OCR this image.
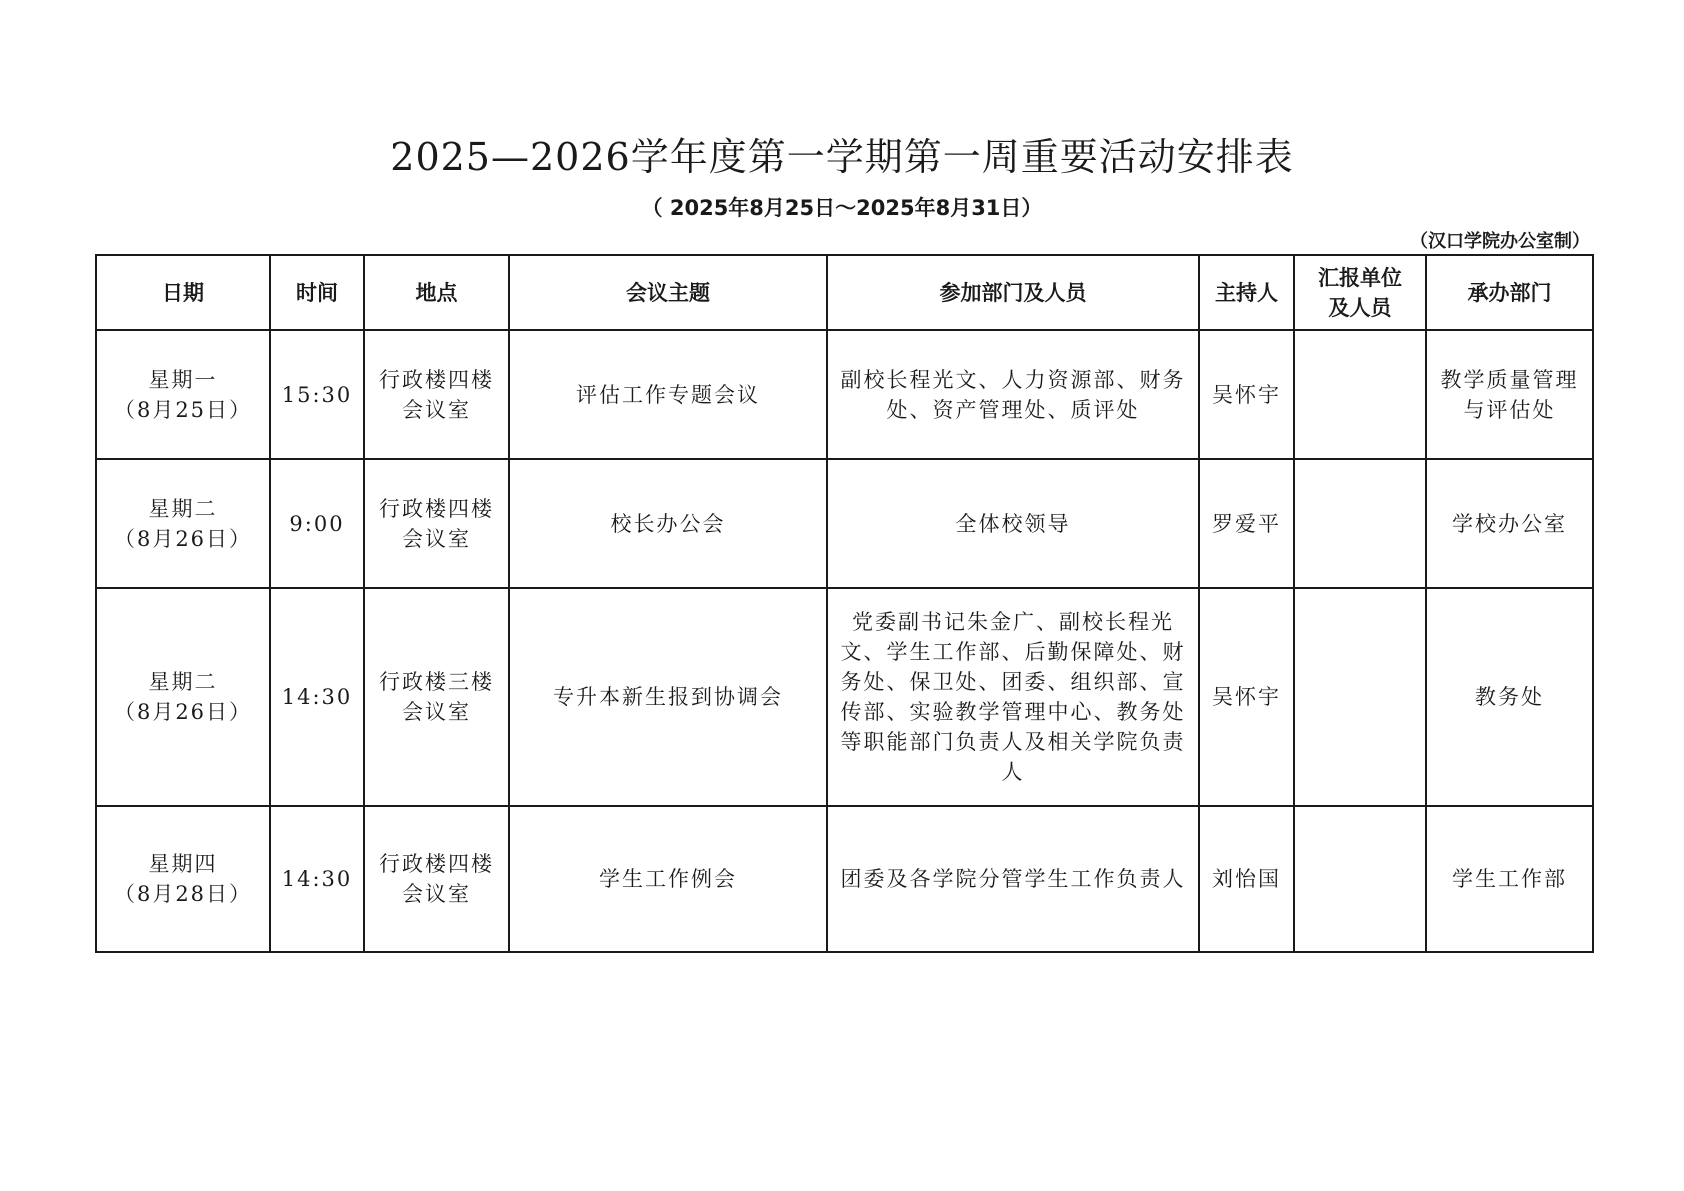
2025—2026学年度第一学期第一周重要活动安排表
（ 2025年8月25日～2025年8月31日）
（汉口学院办公室制）
日期	时间	地点	会议主题	参加部门及人员	主持人	汇报单位
及人员	承办部门
星期一
（8月25日）	15:30	行政楼四楼
会议室	评估工作专题会议	副校长程光文、人力资源部、财务处、资产管理处、质评处	吴怀宇		教学质量管理
与评估处
星期二
（8月26日）	9:00	行政楼四楼
会议室	校长办公会	全体校领导	罗爱平		学校办公室
星期二
（8月26日）	14:30	行政楼三楼
会议室	专升本新生报到协调会	党委副书记朱金广、副校长程光文、学生工作部、后勤保障处、财务处、保卫处、团委、组织部、宣传部、实验教学管理中心、教务处等职能部门负责人及相关学院负责人	吴怀宇		教务处
星期四
（8月28日）	14:30	行政楼四楼
会议室	学生工作例会	团委及各学院分管学生工作负责人	刘怡国		学生工作部
